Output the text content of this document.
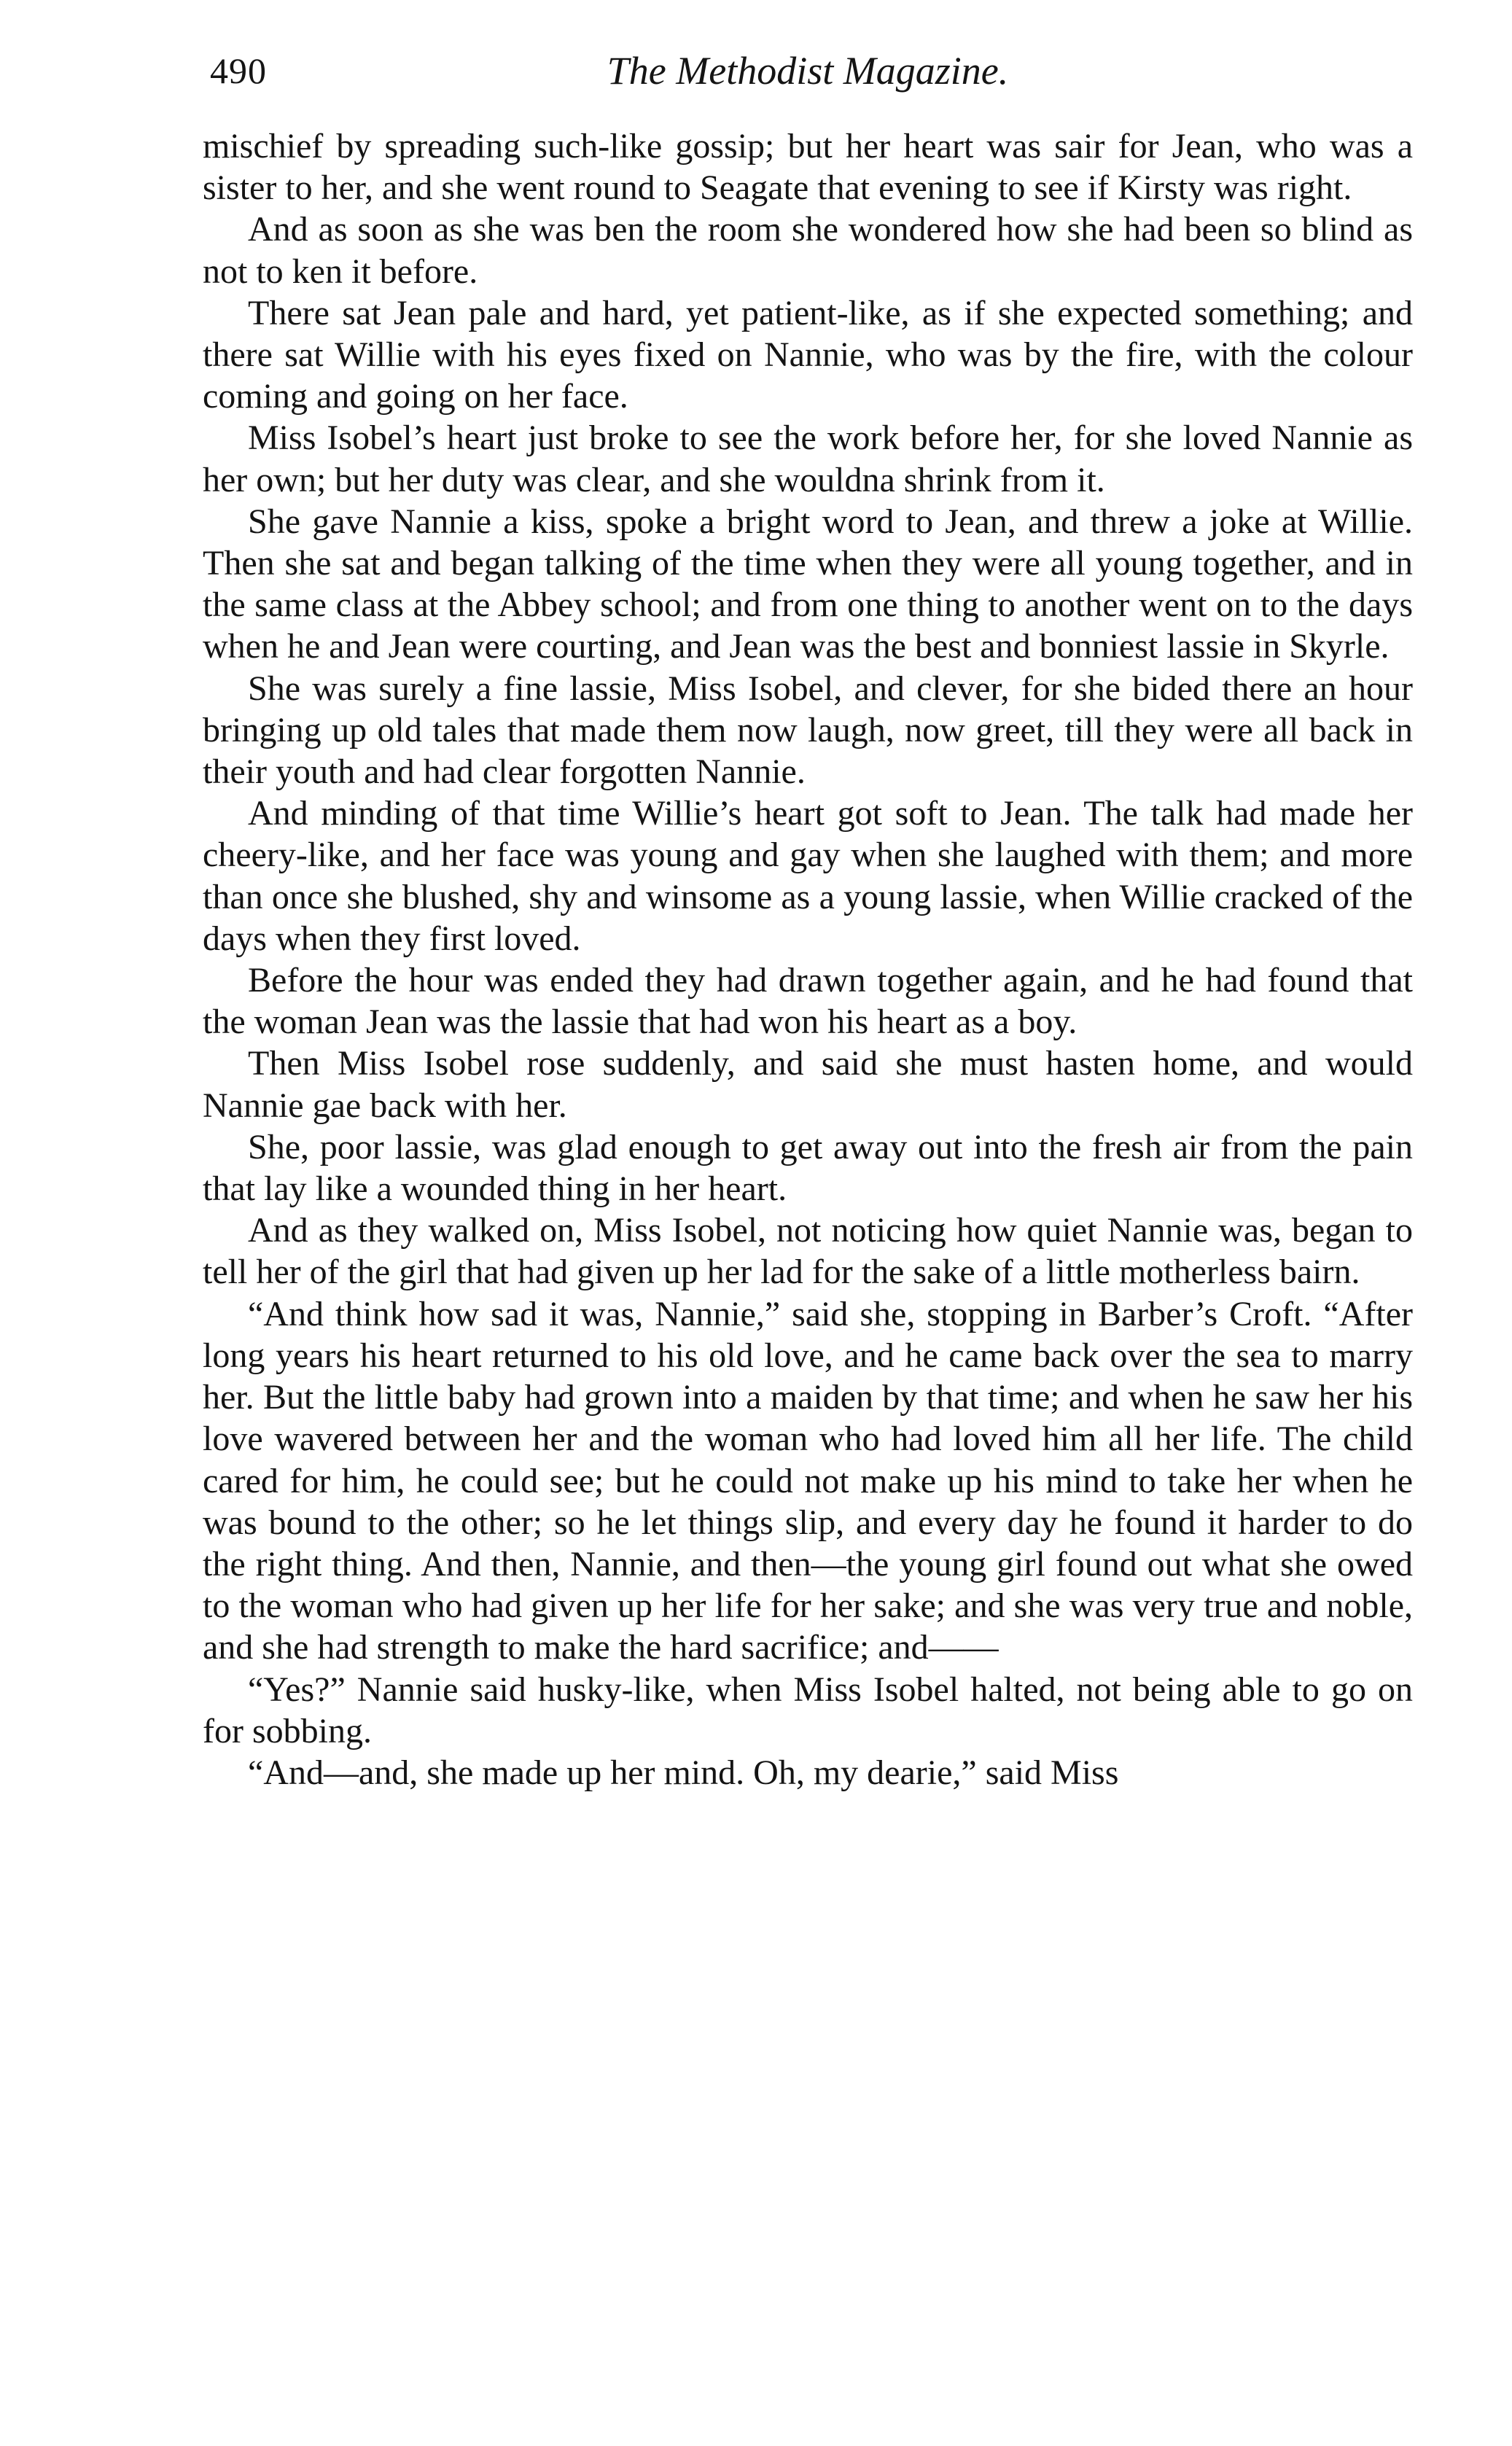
490	The Methodist Magazine.

mischief by spreading such-like gossip; but her heart was sair for Jean, who was a sister to her, and she went round to Seagate that evening to see if Kirsty was right.

And as soon as she was ben the room she wondered how she had been so blind as not to ken it before.

There sat Jean pale and hard, yet patient-like, as if she expected something; and there sat Willie with his eyes fixed on Nannie, who was by the fire, with the colour coming and going on her face.

Miss Isobel’s heart just broke to see the work before her, for she loved Nannie as her own; but her duty was clear, and she wouldna shrink from it.

She gave Nannie a kiss, spoke a bright word to Jean, and threw a joke at Willie. Then she sat and began talking of the time when they were all young together, and in the same class at the Abbey school; and from one thing to another went on to the days when he and Jean were courting, and Jean was the best and bonniest lassie in Skyrle.

She was surely a fine lassie, Miss Isobel, and clever, for she bided there an hour bringing up old tales that made them now laugh, now greet, till they were all back in their youth and had clear forgotten Nannie.

And minding of that time Willie’s heart got soft to Jean. The talk had made her cheery-like, and her face was young and gay when she laughed with them; and more than once she blushed, shy and winsome as a young lassie, when Willie cracked of the days when they first loved.

Before the hour was ended they had drawn together again, and he had found that the woman Jean was the lassie that had won his heart as a boy.

Then Miss Isobel rose suddenly, and said she must hasten home, and would Nannie gae back with her.

She, poor lassie, was glad enough to get away out into the fresh air from the pain that lay like a wounded thing in her heart.

And as they walked on, Miss Isobel, not noticing how quiet Nannie was, began to tell her of the girl that had given up her lad for the sake of a little motherless bairn.

“And think how sad it was, Nannie,” said she, stopping in Barber’s Croft. “After long years his heart returned to his old love, and he came back over the sea to marry her. But the little baby had grown into a maiden by that time; and when he saw her his love wavered between her and the woman who had loved him all her life. The child cared for him, he could see; but he could not make up his mind to take her when he was bound to the other; so he let things slip, and every day he found it harder to do the right thing. And then, Nannie, and then—the young girl found out what she owed to the woman who had given up her life for her sake; and she was very true and noble, and she had strength to make the hard sacrifice; and——

“Yes?” Nannie said husky-like, when Miss Isobel halted, not being able to go on for sobbing.

“And—and, she made up her mind. Oh, my dearie,” said Miss
